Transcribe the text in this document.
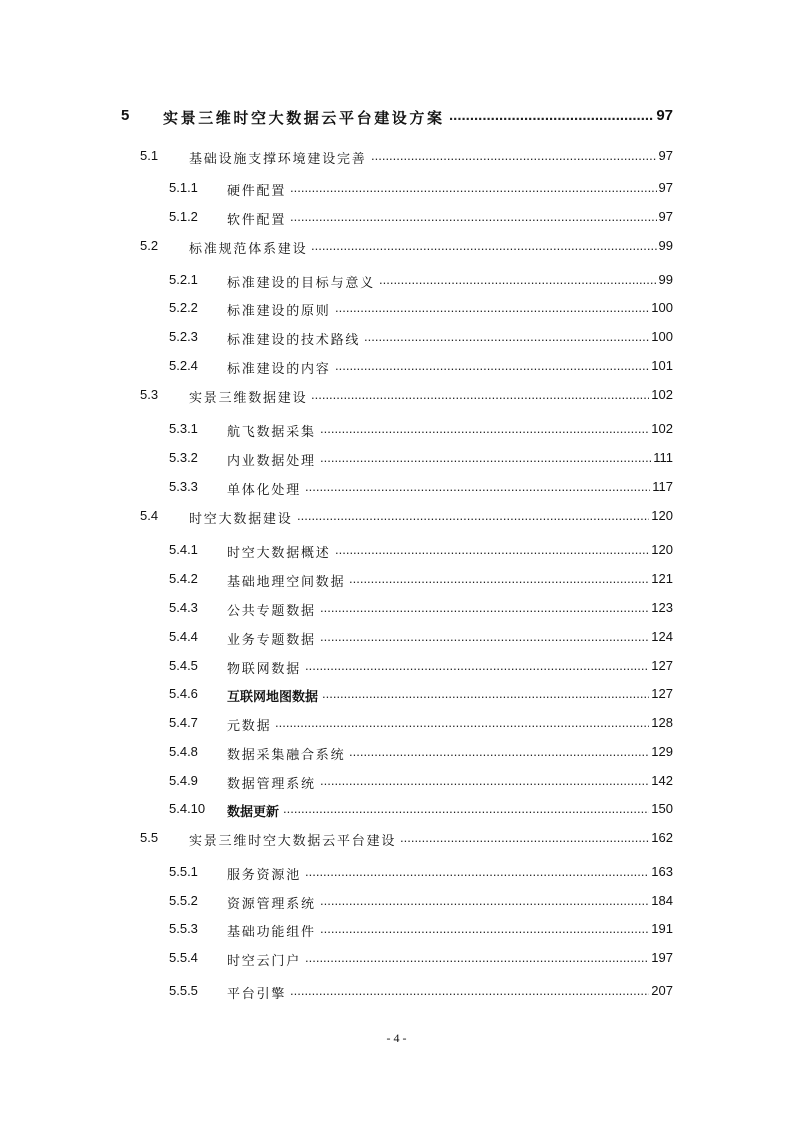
5 实景三维时空大数据云平台建设方案 .....	97
5.1 基础设施支撑环境建设完善 .....	97
5.1.1 硬件配置 .....	97
5.1.2 软件配置 .....	97
5.2 标准规范体系建设 .....	99
5.2.1 标准建设的目标与意义 .....	99
5.2.2 标准建设的原则 .....	100
5.2.3 标准建设的技术路线 .....	100
5.2.4 标准建设的内容 .....	101
5.3 实景三维数据建设 .....	102
5.3.1 航飞数据采集 .....	102
5.3.2 内业数据处理 .....	111
5.3.3 单体化处理 .....	117
5.4 时空大数据建设 .....	120
5.4.1 时空大数据概述 .....	120
5.4.2 基础地理空间数据 .....	121
5.4.3 公共专题数据 .....	123
5.4.4 业务专题数据 .....	124
5.4.5 物联网数据 .....	127
5.4.6 互联网地图数据 .....	127
5.4.7 元数据 .....	128
5.4.8 数据采集融合系统 .....	129
5.4.9 数据管理系统 .....	142
5.4.10 数据更新 .....	150
5.5 实景三维时空大数据云平台建设 .....	162
5.5.1 服务资源池 .....	163
5.5.2 资源管理系统 .....	184
5.5.3 基础功能组件 .....	191
5.5.4 时空云门户 .....	197
5.5.5 平台引擎 .....	207
- 4 -
